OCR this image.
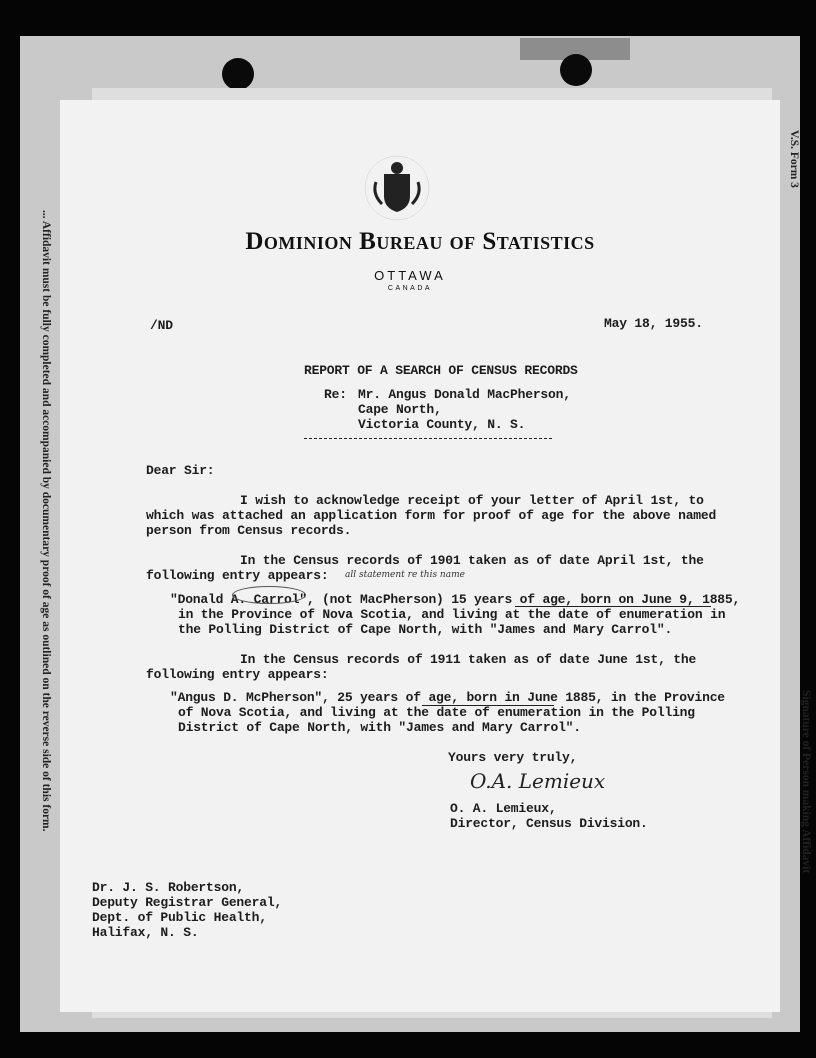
... Affidavit must be fully completed and accompanied by documentary proof of age as outlined on the reverse side of this form.
V.S. Form 3
Signature of Person making Affidavit
Dominion Bureau of Statistics
OTTAWA
CANADA
/ND	May 18, 1955.
REPORT OF A SEARCH OF CENSUS RECORDS
Re: Mr. Angus Donald MacPherson,
Cape North,
Victoria County, N. S.
Dear Sir:
I wish to acknowledge receipt of your letter of April 1st, to
which was attached an application form for proof of age for the above named
person from Census records.
In the Census records of 1901 taken as of date April 1st, the
following entry appears: all statement re this name
"Donald A. Carrol", (not MacPherson) 15 years of age, born on June 9, 1885,
in the Province of Nova Scotia, and living at the date of enumeration in
the Polling District of Cape North, with "James and Mary Carrol".
In the Census records of 1911 taken as of date June 1st, the
following entry appears:
"Angus D. McPherson", 25 years of age, born in June 1885, in the Province
of Nova Scotia, and living at the date of enumeration in the Polling
District of Cape North, with "James and Mary Carrol".
Yours very truly,
O.A. Lemieux
O. A. Lemieux,
Director, Census Division.
Dr. J. S. Robertson,
Deputy Registrar General,
Dept. of Public Health,
Halifax, N. S.
